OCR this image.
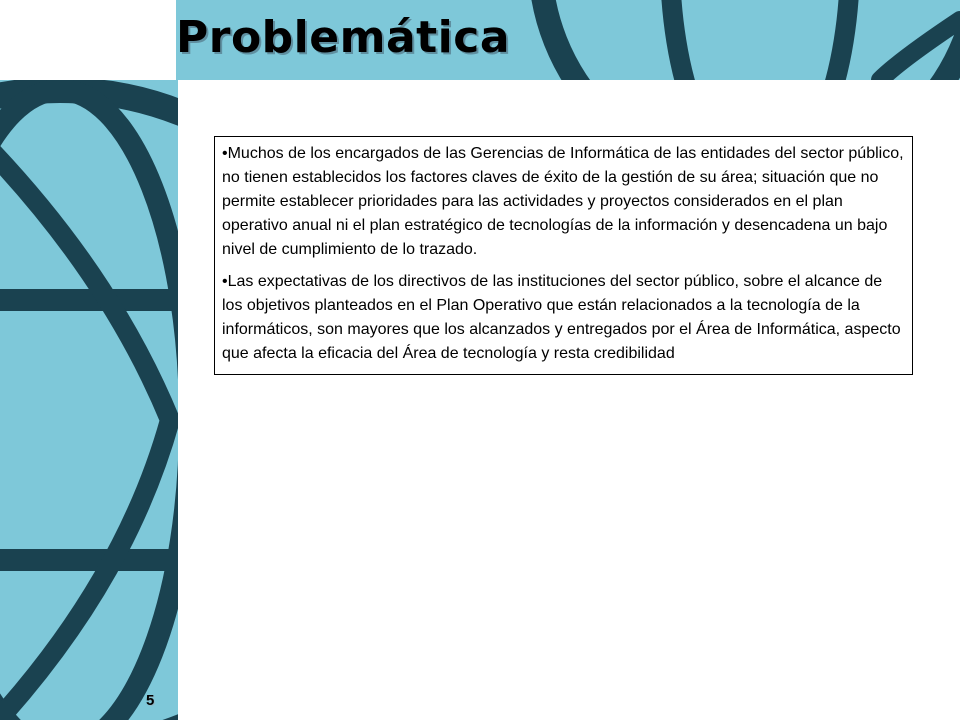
Problemática

•Muchos de los encargados de las Gerencias de Informática de las entidades del sector público, no tienen establecidos los factores claves de éxito de la gestión de su área; situación que no permite establecer prioridades para las actividades y proyectos considerados en el plan operativo anual ni el plan estratégico de tecnologías de la información y desencadena un bajo nivel de cumplimiento de lo trazado.

•Las expectativas de los directivos de las instituciones del sector público, sobre el alcance de los objetivos planteados en el Plan Operativo que están relacionados a la tecnología de la informáticos, son mayores que los alcanzados y entregados por el Área de Informática, aspecto que afecta la eficacia del Área de tecnología y resta credibilidad

5
